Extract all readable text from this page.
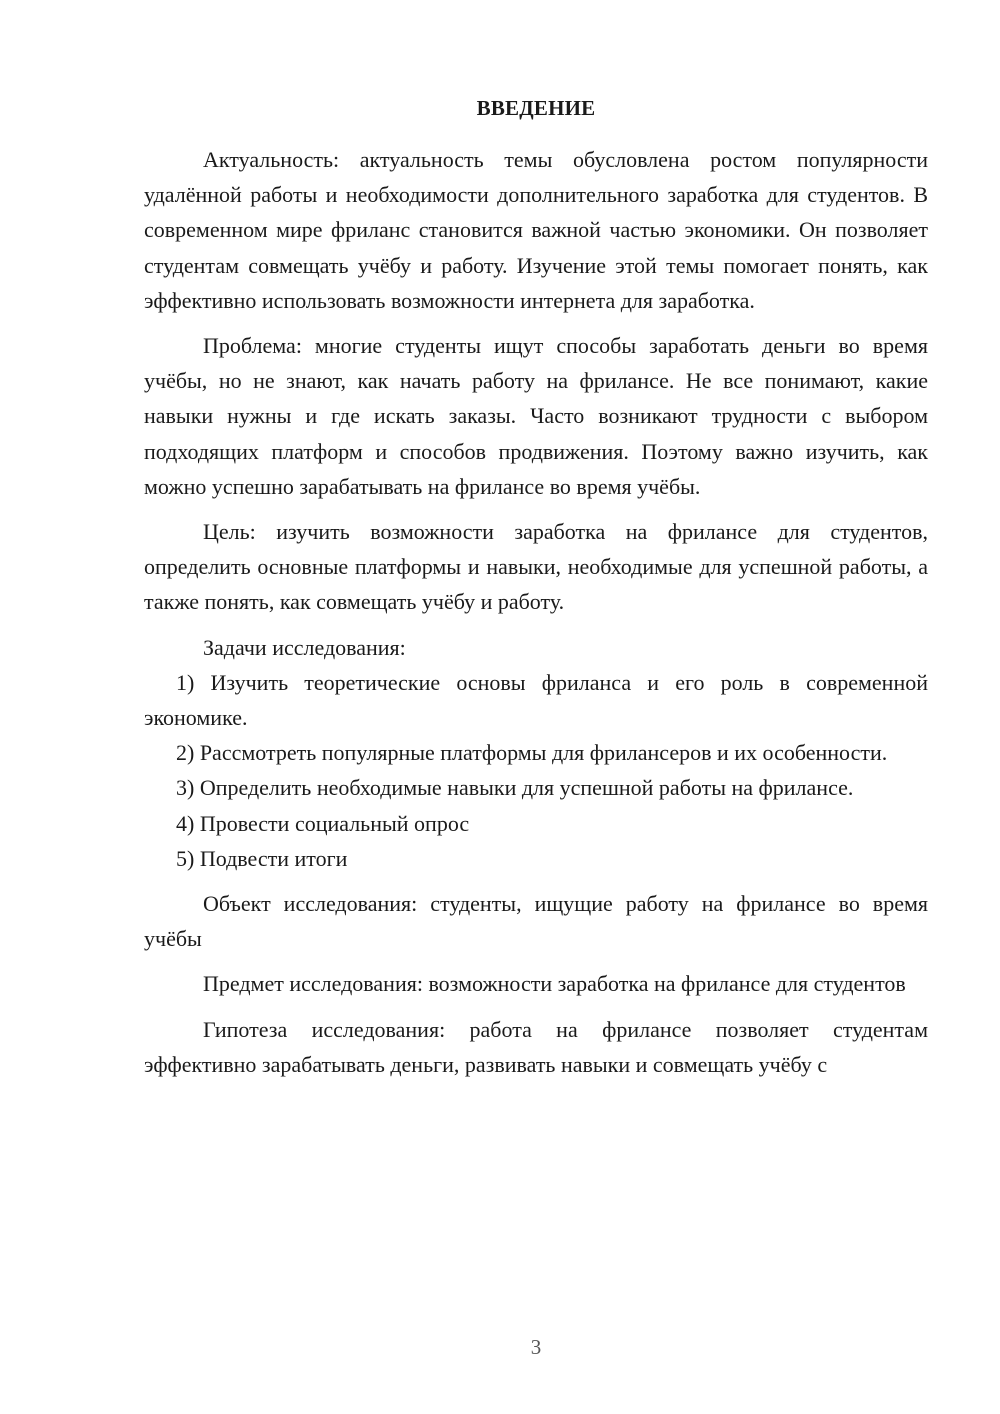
ВВЕДЕНИЕ

Актуальность: актуальность темы обусловлена ростом популярности удалённой работы и необходимости дополнительного заработка для студентов. В современном мире фриланс становится важной частью экономики. Он позволяет студентам совмещать учёбу и работу. Изучение этой темы помогает понять, как эффективно использовать возможности интернета для заработка.

Проблема: многие студенты ищут способы заработать деньги во время учёбы, но не знают, как начать работу на фрилансе. Не все понимают, какие навыки нужны и где искать заказы. Часто возникают трудности с выбором подходящих платформ и способов продвижения. Поэтому важно изучить, как можно успешно зарабатывать на фрилансе во время учёбы.

Цель: изучить возможности заработка на фрилансе для студентов, определить основные платформы и навыки, необходимые для успешной работы, а также понять, как совмещать учёбу и работу.

Задачи исследования:

1) Изучить теоретические основы фриланса и его роль в современной экономике.

2) Рассмотреть популярные платформы для фрилансеров и их особенности.

3) Определить необходимые навыки для успешной работы на фрилансе.

4) Провести социальный опрос

5) Подвести итоги

Объект исследования: студенты, ищущие работу на фрилансе во время учёбы

Предмет исследования: возможности заработка на фрилансе для студентов

Гипотеза исследования: работа на фрилансе позволяет студентам эффективно зарабатывать деньги, развивать навыки и совмещать учёбу с

3
